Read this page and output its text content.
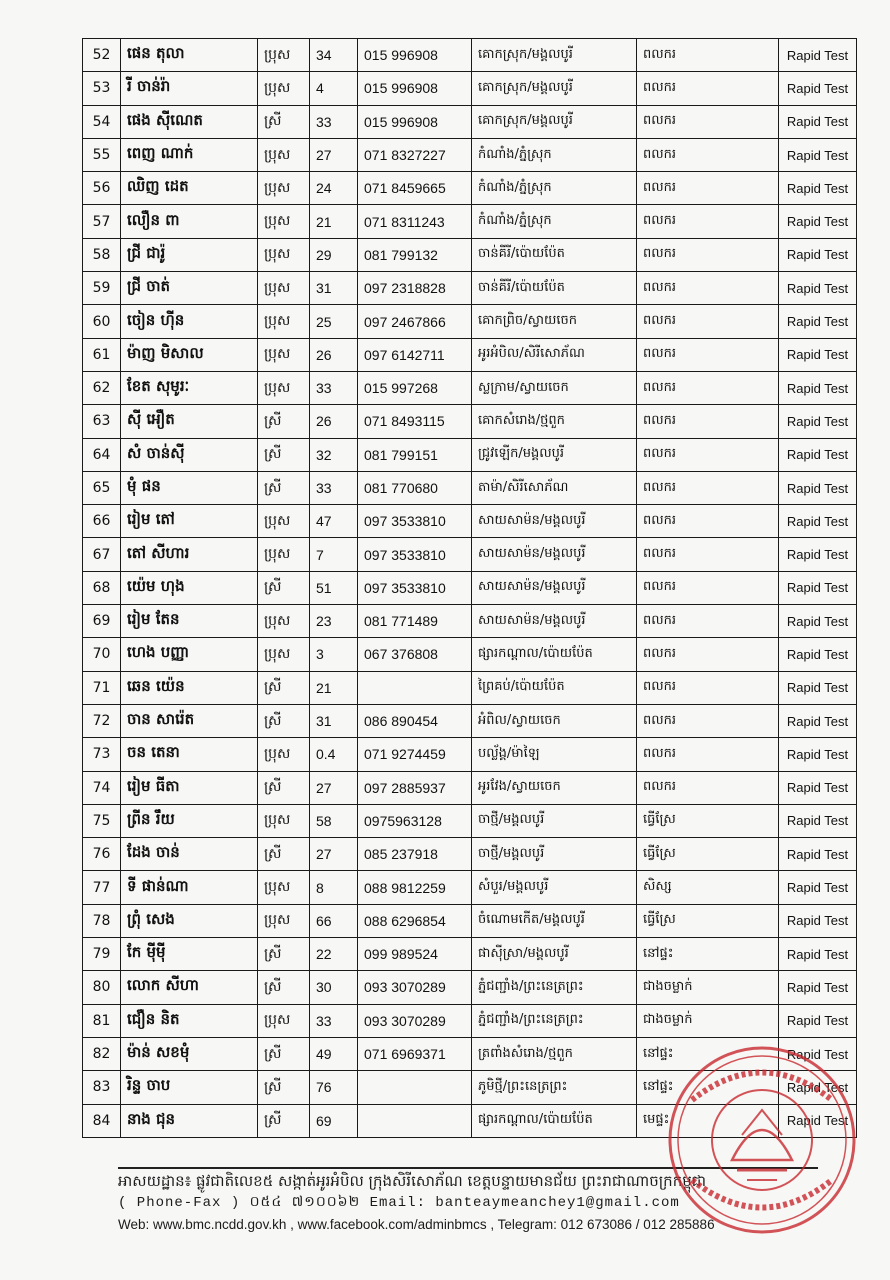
52	ផេន តុលា	ប្រុស	34	015 996908	គោកស្រុក/មង្គលបូរី	ពលករ	Rapid Test
53	រី ចាន់រ៉ា	ប្រុស	4	015 996908	គោកស្រុក/មង្គលបូរី	ពលករ	Rapid Test
54	ផេង ស៊ីណេត	ស្រី	33	015 996908	គោកស្រុក/មង្គលបូរី	ពលករ	Rapid Test
55	ពេញ ណាក់	ប្រុស	27	071 8327227	កំណាំង/ភ្នំស្រុក	ពលករ	Rapid Test
56	ឈិញ ដេត	ប្រុស	24	071 8459665	កំណាំង/ភ្នំស្រុក	ពលករ	Rapid Test
57	លឿន ពា	ប្រុស	21	071 8311243	កំណាំង/ភ្នំស្រុក	ពលករ	Rapid Test
58	ជ្រី ជារ៉ូ	ប្រុស	29	081 799132	ចាន់គីរី/ប៉ោយប៉ែត	ពលករ	Rapid Test
59	ជ្រី ចាត់	ប្រុស	31	097 2318828	ចាន់គីរី/ប៉ោយប៉ែត	ពលករ	Rapid Test
60	ចៀន ហ៊ីន	ប្រុស	25	097 2467866	គោកព្រិច/ស្វាយចេក	ពលករ	Rapid Test
61	ម៉ាញ មិសាល	ប្រុស	26	097 6142711	អូរអំបិល/សិរីសោភ័ណ	ពលករ	Rapid Test
62	ខែត សុមូរៈ	ប្រុស	33	015 997268	ស្លក្រាម/ស្វាយចេក	ពលករ	Rapid Test
63	ស៊ី អឿត	ស្រី	26	071 8493115	គោកសំរោង/ថ្មពួក	ពលករ	Rapid Test
64	សំ ចាន់ស៊ី	ស្រី	32	081 799151	ជ្រូវឡើក/មង្គលបូរី	ពលករ	Rapid Test
65	មុំ ផន	ស្រី	33	081 770680	តាម៉ា/សិរីសោភ័ណ	ពលករ	Rapid Test
66	រៀម តៅ	ប្រុស	47	097 3533810	សាយសាម៉ន/មង្គលបូរី	ពលករ	Rapid Test
67	តៅ សីហារ	ប្រុស	7	097 3533810	សាយសាម៉ន/មង្គលបូរី	ពលករ	Rapid Test
68	យ៉េម ហុង	ស្រី	51	097 3533810	សាយសាម៉ន/មង្គលបូរី	ពលករ	Rapid Test
69	រៀម តែន	ប្រុស	23	081 771489	សាយសាម៉ន/មង្គលបូរី	ពលករ	Rapid Test
70	ហេង បញ្ញា	ប្រុស	3	067 376808	ផ្សារកណ្ដាល/ប៉ោយប៉ែត	ពលករ	Rapid Test
71	ឆេន យ៉េន	ស្រី	21		ព្រៃគប់/ប៉ោយប៉ែត	ពលករ	Rapid Test
72	ចាន សារ៉េត	ស្រី	31	086 890454	អំពិល/ស្វាយចេក	ពលករ	Rapid Test
73	ចន តេនា	ប្រុស	0.4	071 9274459	បល្ល័ង្គ/ម៉ាឡៃ	ពលករ	Rapid Test
74	រៀម ធីតា	ស្រី	27	097 2885937	អូរវែង/ស្វាយចេក	ពលករ	Rapid Test
75	ព្រីន រឹយ	ប្រុស	58	0975963128	ចាថ្មី/មង្គលបូរី	ធ្វើស្រែ	Rapid Test
76	ដែង ចាន់	ស្រី	27	085 237918	ចាថ្មី/មង្គលបូរី	ធ្វើស្រែ	Rapid Test
77	ទី ផាន់ណា	ប្រុស	8	088 9812259	សំបួរ/មង្គលបូរី	សិស្ស	Rapid Test
78	ព្រុំ សេង	ប្រុស	66	088 6296854	ចំណោមកើត/មង្គលបូរី	ធ្វើស្រែ	Rapid Test
79	កែ ម៉ីម៉ី	ស្រី	22	099 989524	ផាស៊ីស្រា/មង្គលបូរី	នៅផ្ទះ	Rapid Test
80	លោក សីហា	ស្រី	30	093 3070289	ភ្នំជញ្ជាំង/ព្រះនេត្រព្រះ	ជាងចម្លាក់	Rapid Test
81	ជឿន និត	ប្រុស	33	093 3070289	ភ្នំជញ្ជាំង/ព្រះនេត្រព្រះ	ជាងចម្លាក់	Rapid Test
82	ម៉ាន់ សខមុំ	ស្រី	49	071 6969371	ត្រពាំងសំរោង/ថ្មពួក	នៅផ្ទះ	Rapid Test
83	រិន្ទ ចាប	ស្រី	76		ភូមិថ្មី/ព្រះនេត្រព្រះ	នៅផ្ទះ	Rapid Test
84	នាង ជុន	ស្រី	69		ផ្សារកណ្ដាល/ប៉ោយប៉ែត	មេផ្ទះ	Rapid Test
អាសយដ្ឋាន៖ ផ្លូវជាតិលេខ៥ សង្កាត់អូរអំបិល ក្រុងសិរីសោភ័ណ ខេត្តបន្ទាយមានជ័យ ព្រះរាជាណាចក្រកម្ពុជា
( Phone-Fax ) ០៥៤ ៧១០០៦២ Email: banteaymeanchey1@gmail.com
Web: www.bmc.ncdd.gov.kh , www.facebook.com/adminbmcs , Telegram: 012 673086 / 012 285886
